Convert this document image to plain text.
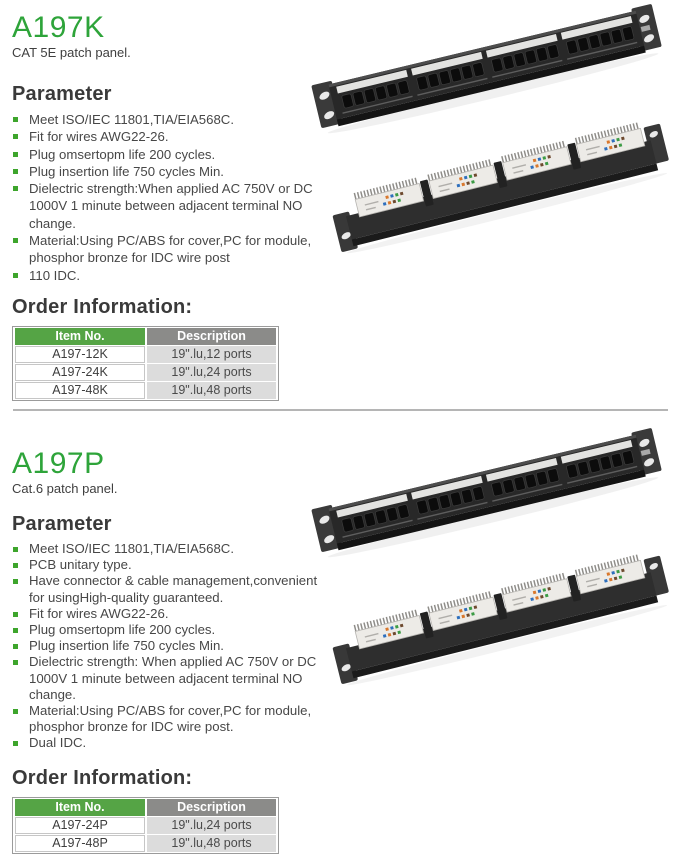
A197K
CAT 5E patch panel.
Parameter
Meet ISO/IEC 11801,TIA/EIA568C.
Fit for wires AWG22-26.
Plug omsertopm life 200 cycles.
Plug insertion life 750 cycles Min.
Dielectric strength:When applied AC 750V or DC 1000V 1 minute between adjacent terminal NO change.
Material:Using PC/ABS for cover,PC for module, phosphor bronze for IDC wire post
110 IDC.
Order Information:
Item No.	Description
A197-12K	19".lu,12 ports
A197-24K	19".lu,24 ports
A197-48K	19".lu,48 ports
A197P
Cat.6 patch panel.
Parameter
Meet ISO/IEC 11801,TIA/EIA568C.
PCB unitary type.
Have connector & cable management,convenient for usingHigh-quality guaranteed.
Fit for wires AWG22-26.
Plug omsertopm life 200 cycles.
Plug insertion life 750 cycles Min.
Dielectric strength: When applied AC 750V or DC 1000V 1 minute between adjacent terminal NO change.
Material:Using PC/ABS for cover,PC for module, phosphor bronze for IDC wire post.
Dual IDC.
Order Information:
Item No.	Description
A197-24P	19".lu,24 ports
A197-48P	19".lu,48 ports
